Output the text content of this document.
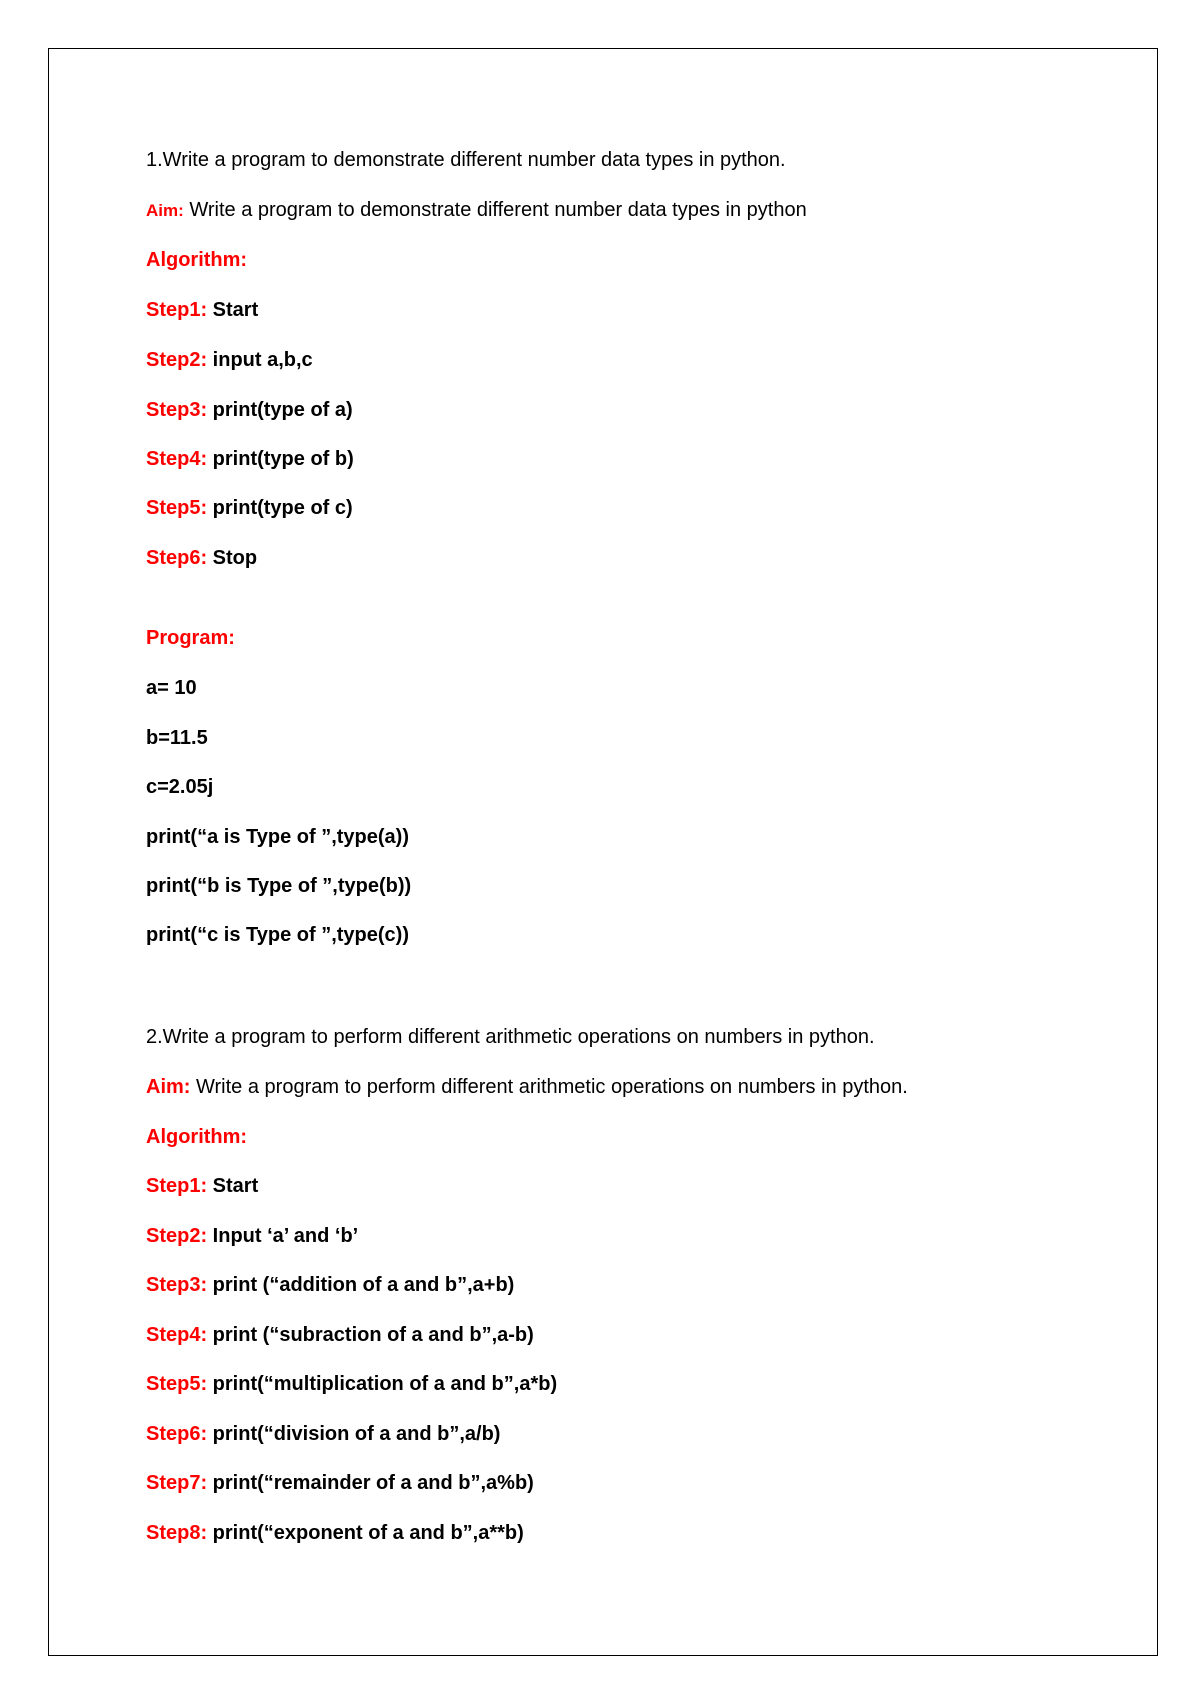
1.Write a program to demonstrate different number data types in python.
Aim: Write a program to demonstrate different number data types in python
Algorithm:
Step1: Start
Step2: input a,b,c
Step3: print(type of a)
Step4: print(type of b)
Step5: print(type of c)
Step6: Stop
Program:
a= 10
b=11.5
c=2.05j
print(“a is Type of ”,type(a))
print(“b is Type of ”,type(b))
print(“c is Type of ”,type(c))
2.Write a program to perform different arithmetic operations on numbers in python.
Aim: Write a program to perform different arithmetic operations on numbers in python.
Algorithm:
Step1: Start
Step2: Input ‘a’ and ‘b’
Step3: print (“addition of a and b”,a+b)
Step4: print (“subraction of a and b”,a-b)
Step5: print(“multiplication of a and b”,a*b)
Step6: print(“division of a and b”,a/b)
Step7: print(“remainder of a and b”,a%b)
Step8: print(“exponent of a and b”,a**b)
